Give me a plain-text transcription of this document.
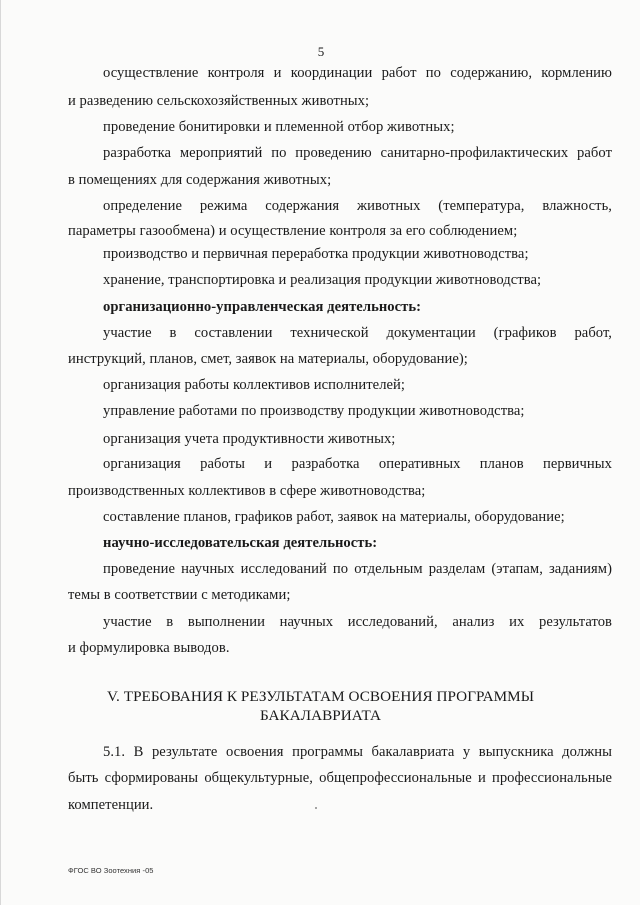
5
осуществление контроля и координации работ по содержанию, кормлению
и разведению сельскохозяйственных животных;
проведение бонитировки и племенной отбор животных;
разработка мероприятий по проведению санитарно-профилактических работ
в помещениях для содержания животных;
определение режима содержания животных (температура, влажность,
параметры газообмена) и осуществление контроля за его соблюдением;
производство и первичная переработка продукции животноводства;
хранение, транспортировка и реализация продукции животноводства;
организационно-управленческая деятельность:
участие в составлении технической документации (графиков работ,
инструкций, планов, смет, заявок на материалы, оборудование);
организация работы коллективов исполнителей;
управление работами по производству продукции животноводства;
организация учета продуктивности животных;
организация работы и разработка оперативных планов первичных
производственных коллективов в сфере животноводства;
составление планов, графиков работ, заявок на материалы, оборудование;
научно-исследовательская деятельность:
проведение научных исследований по отдельным разделам (этапам, заданиям)
темы в соответствии с методиками;
участие в выполнении научных исследований, анализ их результатов
и формулировка выводов.
V. ТРЕБОВАНИЯ К РЕЗУЛЬТАТАМ ОСВОЕНИЯ ПРОГРАММЫ
БАКАЛАВРИАТА
5.1. В результате освоения программы бакалавриата у выпускника должны
быть сформированы общекультурные, общепрофессиональные и профессиональные
компетенции.
ФГОС ВО Зоотехния -05
